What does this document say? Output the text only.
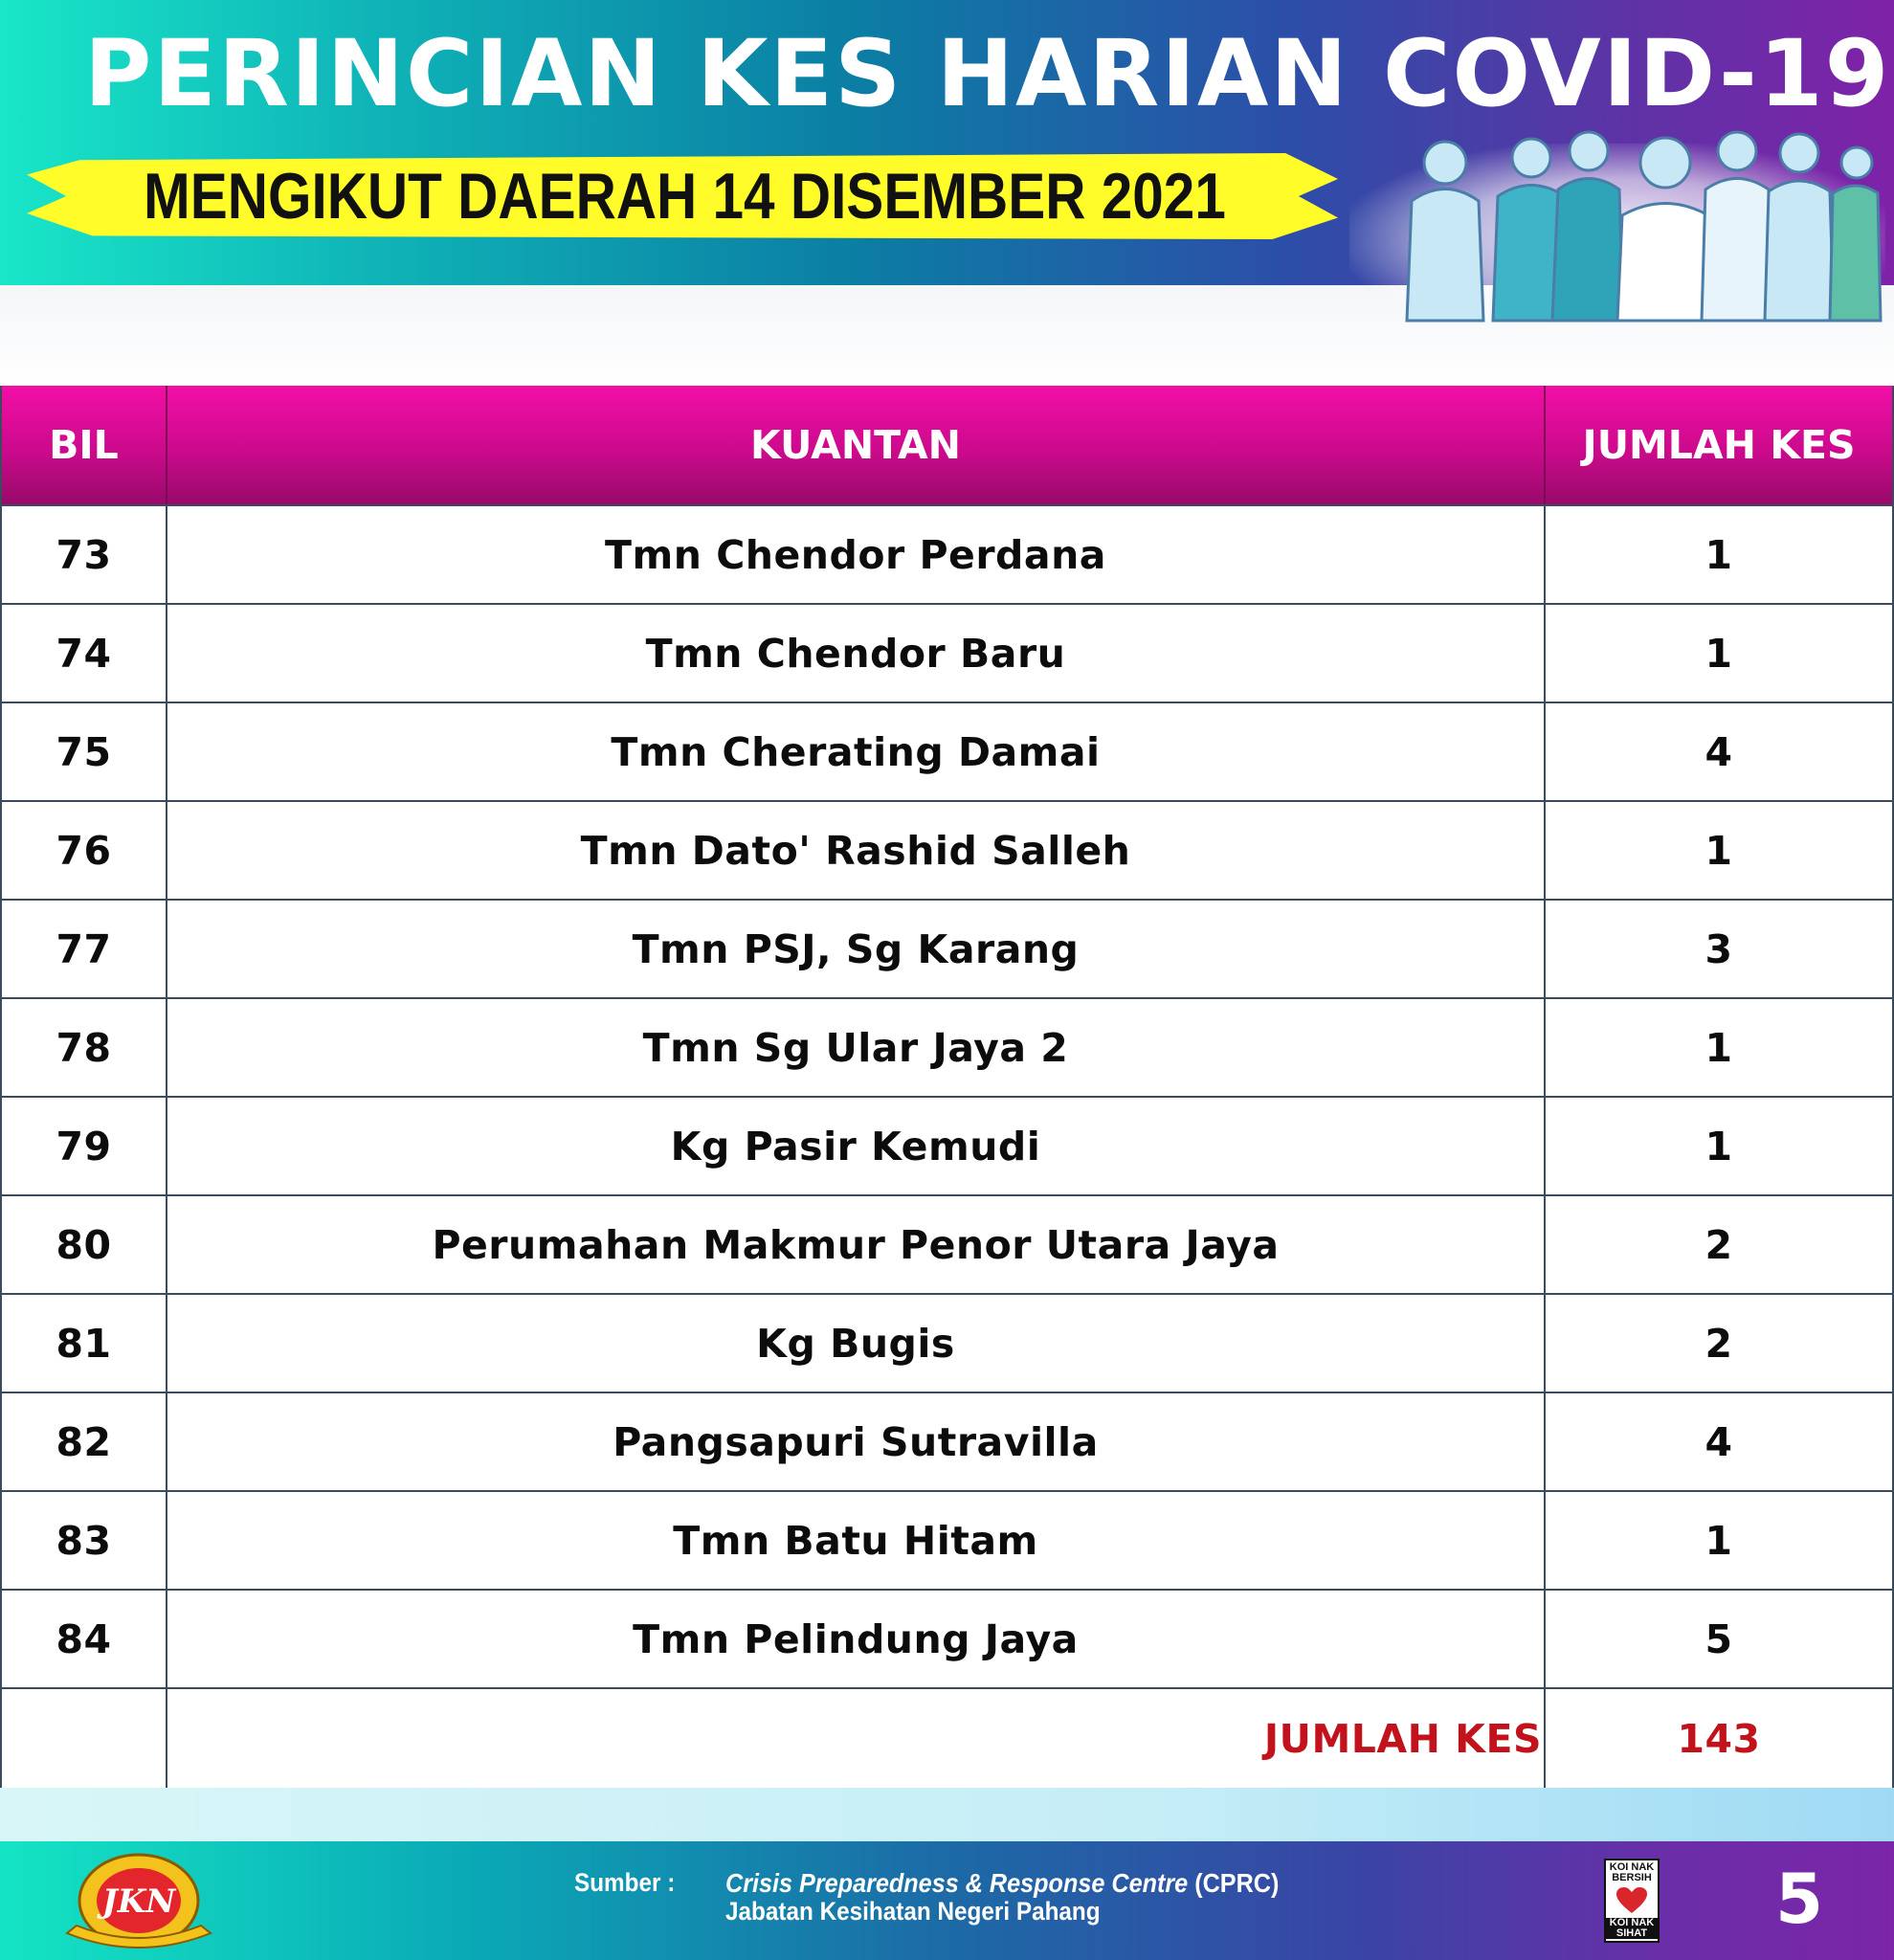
PERINCIAN KES HARIAN COVID-19
MENGIKUT DAERAH 14 DISEMBER 2021
BIL	KUANTAN	JUMLAH KES
73	Tmn Chendor Perdana	1
74	Tmn Chendor Baru	1
75	Tmn Cherating Damai	4
76	Tmn Dato' Rashid Salleh	1
77	Tmn PSJ, Sg Karang	3
78	Tmn Sg Ular Jaya 2	1
79	Kg Pasir Kemudi	1
80	Perumahan Makmur Penor Utara Jaya	2
81	Kg Bugis	2
82	Pangsapuri Sutravilla	4
83	Tmn Batu Hitam	1
84	Tmn Pelindung Jaya	5
JUMLAH KES	143
JKN	Sumber : Crisis Preparedness & Response Centre (CPRC)
Jabatan Kesihatan Negeri Pahang
KOI NAK BERSIH
KOI NAK SIHAT 5
